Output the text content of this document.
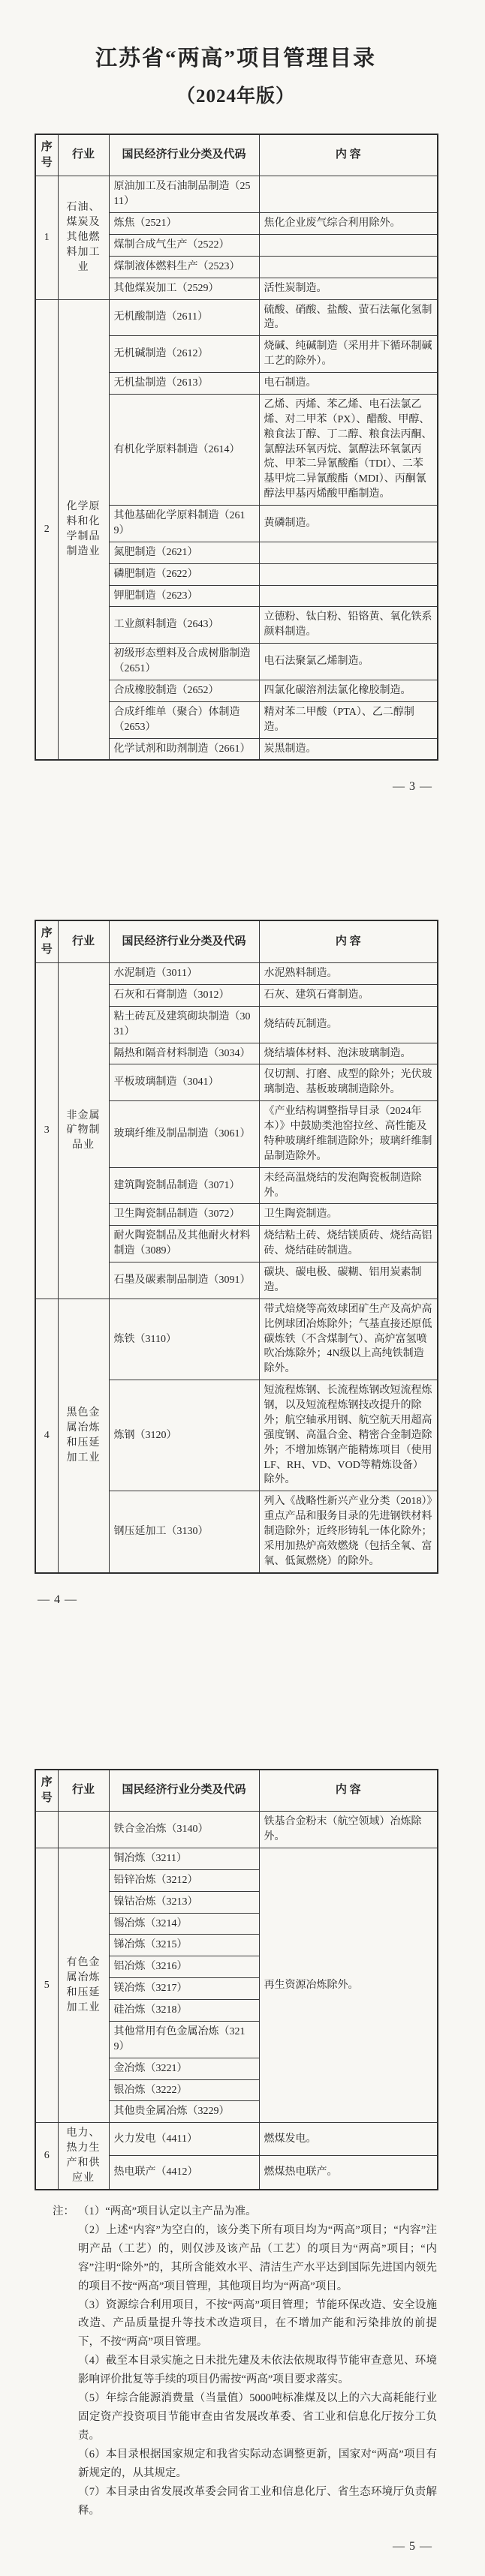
江苏省“两高”项目管理目录
（2024年版）
序号	行业	国民经济行业分类及代码	内 容
1	石油、煤炭及其他燃料加工业	原油加工及石油制品制造（2511）	
		炼焦（2521）	焦化企业废气综合利用除外。
		煤制合成气生产（2522）	
		煤制液体燃料生产（2523）	
		其他煤炭加工（2529）	活性炭制造。
2	化学原料和化学制品制造业	无机酸制造（2611）	硫酸、硝酸、盐酸、萤石法氟化氢制造。
		无机碱制造（2612）	烧碱、纯碱制造（采用井下循环制碱工艺的除外）。
		无机盐制造（2613）	电石制造。
		有机化学原料制造（2614）	乙烯、丙烯、苯乙烯、电石法氯乙烯、对二甲苯（PX）、醋酸、甲醇、粮食法丁醇、丁二醇、粮食法丙酮、氯醇法环氧丙烷、氯醇法环氧氯丙烷、甲苯二异氰酸酯（TDI）、二苯基甲烷二异氰酸酯（MDI）、丙酮氰醇法甲基丙烯酸甲酯制造。
		其他基础化学原料制造（2619）	黄磷制造。
		氮肥制造（2621）	
		磷肥制造（2622）	
		钾肥制造（2623）	
		工业颜料制造（2643）	立德粉、钛白粉、铅铬黄、氧化铁系颜料制造。
		初级形态塑料及合成树脂制造（2651）	电石法聚氯乙烯制造。
		合成橡胶制造（2652）	四氯化碳溶剂法氯化橡胶制造。
		合成纤维单（聚合）体制造（2653）	精对苯二甲酸（PTA）、乙二醇制造。
		化学试剂和助剂制造（2661）	炭黑制造。
— 3 —
序号	行业	国民经济行业分类及代码	内 容
3	非金属矿物制品业	水泥制造（3011）	水泥熟料制造。
		石灰和石膏制造（3012）	石灰、建筑石膏制造。
		粘土砖瓦及建筑砌块制造（3031）	烧结砖瓦制造。
		隔热和隔音材料制造（3034）	烧结墙体材料、泡沫玻璃制造。
		平板玻璃制造（3041）	仅切割、打磨、成型的除外；光伏玻璃制造、基板玻璃制造除外。
		玻璃纤维及制品制造（3061）	《产业结构调整指导目录（2024年本）》中鼓励类池窑拉丝、高性能及特种玻璃纤维制造除外；玻璃纤维制品制造除外。
		建筑陶瓷制品制造（3071）	未经高温烧结的发泡陶瓷板制造除外。
		卫生陶瓷制品制造（3072）	卫生陶瓷制造。
		耐火陶瓷制品及其他耐火材料制造（3089）	烧结粘土砖、烧结镁质砖、烧结高铝砖、烧结硅砖制造。
		石墨及碳素制品制造（3091）	碳块、碳电极、碳糊、铝用炭素制造。
4	黑色金属冶炼和压延加工业	炼铁（3110）	带式焙烧等高效球团矿生产及高炉高比例球团冶炼除外；气基直接还原低碳炼铁（不含煤制气）、高炉富氢喷吹冶炼除外；4N级以上高纯铁制造除外。
		炼钢（3120）	短流程炼钢、长流程炼钢改短流程炼钢，以及短流程炼钢技改提升的除外；航空轴承用钢、航空航天用超高强度钢、高温合金、精密合金制造除外；不增加炼钢产能精炼项目（使用LF、RH、VD、VOD等精炼设备）除外。
		钢压延加工（3130）	列入《战略性新兴产业分类（2018）》重点产品和服务目录的先进钢铁材料制造除外；近终形铸轧一体化除外；采用加热炉高效燃烧（包括全氧、富氧、低氮燃烧）的除外。
— 4 —
序号	行业	国民经济行业分类及代码	内 容
		铁合金冶炼（3140）	铁基合金粉末（航空领域）冶炼除外。
5	有色金属冶炼和压延加工业	铜冶炼（3211）	再生资源冶炼除外。
		铅锌冶炼（3212）	
		镍钴冶炼（3213）	
		锡冶炼（3214）	
		锑冶炼（3215）	
		铝冶炼（3216）	
		镁冶炼（3217）	
		硅冶炼（3218）	
		其他常用有色金属冶炼（3219）	
		金冶炼（3221）	
		银冶炼（3222）	
		其他贵金属冶炼（3229）	
6	电力、热力生产和供应业	火力发电（4411）	燃煤发电。
		热电联产（4412）	燃煤热电联产。

注： （1）“两高”项目认定以主产品为准。

（2）上述“内容”为空白的，该分类下所有项目均为“两高”项目；“内容”注明产品（工艺）的，则仅涉及该产品（工艺）的项目为“两高”项目；“内容”注明“除外”的，其所含能效水平、清洁生产水平达到国际先进国内领先的项目不按“两高”项目管理，其他项目均为“两高”项目。

（3）资源综合利用项目，不按“两高”项目管理；节能环保改造、安全设施改造、产品质量提升等技术改造项目，在不增加产能和污染排放的前提下，不按“两高”项目管理。

（4）截至本目录实施之日未批先建及未依法依规取得节能审查意见、环境影响评价批复等手续的项目仍需按“两高”项目要求落实。

（5）年综合能源消费量（当量值）5000吨标准煤及以上的六大高耗能行业固定资产投资项目节能审查由省发展改革委、省工业和信息化厅按分工负责。

（6）本目录根据国家规定和我省实际动态调整更新，国家对“两高”项目有新规定的，从其规定。

（7）本目录由省发展改革委会同省工业和信息化厅、省生态环境厅负责解释。

— 5 —
